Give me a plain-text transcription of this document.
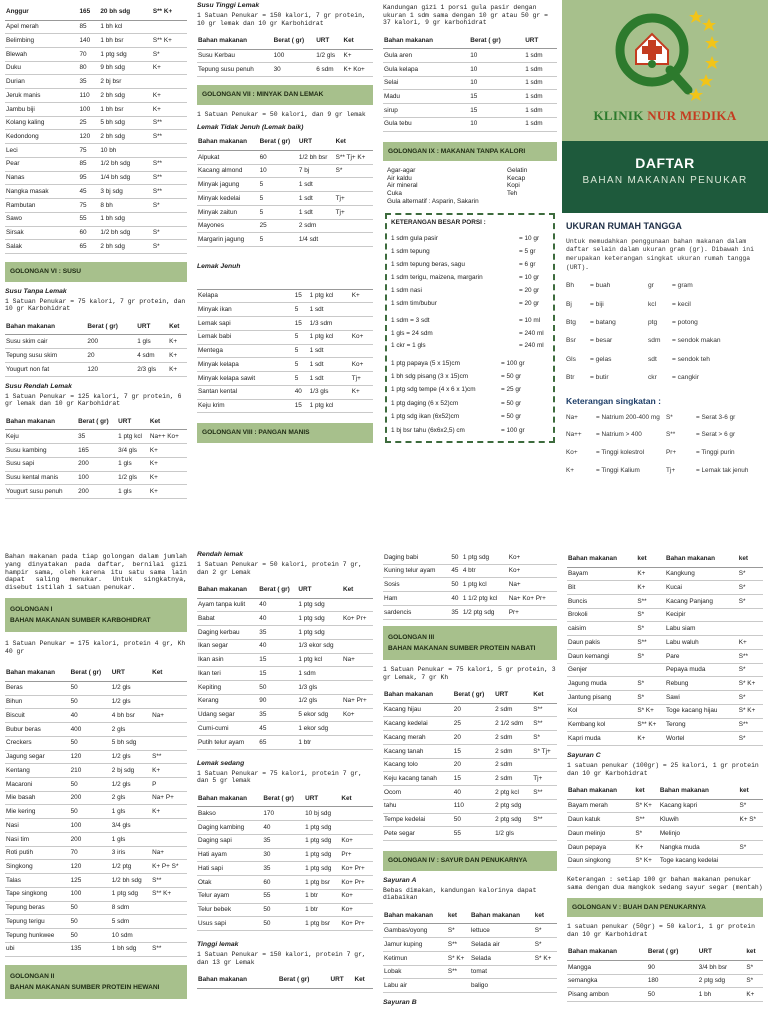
Anggur	165	20 bh sdg	S** K+
Apel merah	85	1 bh kcl	
Belimbing	140	1 bh bsr	S** K+
Blewah	70	1 ptg sdg	S*
Duku	80	9 bh sdg	K+
Durian	35	2 bj bsr	
Jeruk manis	110	2 bh sdg	K+
Jambu biji	100	1 bh bsr	K+
Kolang kaling	25	5 bh sdg	S**
Kedondong	120	2 bh sdg	S**
Leci	75	10 bh	
Pear	85	1/2 bh sdg	S**
Nanas	95	1/4 bh sdg	S**
Nangka masak	45	3 bj sdg	S**
Rambutan	75	8 bh	S*
Sawo	55	1 bh sdg	
Sirsak	60	1/2 bh sdg	S*
Salak	65	2 bh sdg	S*
GOLONGAN VI : SUSU
Susu Tanpa Lemak
1 Satuan Penukar = 75 kalori, 7 gr protein, dan 10 gr Karbohidrat
Bahan makanan	Berat ( gr)	URT	Ket
Susu skim cair	200	1 gls	K+
Tepung susu skim	20	4 sdm	K+
Yougurt non fat	120	2/3 gls	K+
Susu Rendah Lemak
1 Satuan Penukar = 125 kalori, 7 gr protein, 6 gr lemak dan 10 gr Karbohidrat
Bahan makanan	Berat ( gr)	URT	Ket
Keju	35	1 ptg kcl	Na++ Ko+
Susu kambing	165	3/4 gls	K+
Susu sapi	200	1 gls	K+
Susu kental manis	100	1/2 gls	K+
Yougurt susu penuh	200	1 gls	K+
Susu Tinggi Lemak
1 Satuan Penukar = 150 kalori, 7 gr protein, 10 gr lemak dan 10 gr Karbohidrat
Bahan makanan	Berat ( gr)	URT	Ket
Susu Kerbau	100	1/2 gls	K+
Tepung susu penuh	30	6 sdm	K+ Ko+
GOLONGAN VII : MINYAK DAN LEMAK
1 Satuan Penukar = 50 kalori, dan 9 gr lemak
Lemak Tidak Jenuh (Lemak baik)
Bahan makanan	Berat ( gr)	URT	Ket
Alpukat	60	1/2 bh bsr	S** Tj+ K+
Kacang almond	10	7 bj	S*
Minyak jagung	5	1 sdt	
Minyak kedelai	5	1 sdt	Tj+
Minyak zaitun	5	1 sdt	Tj+
Mayones	25	2 sdm	
Margarin jagung	5	1/4 sdt	
Lemak Jenuh

Kelapa	15	1 ptg kcl	K+
Minyak ikan	5	1 sdt	
Lemak sapi	15	1/3 sdm	
Lemak babi	5	1 ptg kcl	Ko+
Mentega	5	1 sdt	
Minyak kelapa	5	1 sdt	Ko+
Minyak kelapa sawit	5	1 sdt	Tj+
Santan kental	40	1/3 gls	K+
Keju krim	15	1 ptg kcl	
GOLONGAN VIII : PANGAN MANIS
Kandungan gizi 1 porsi gula pasir dengan ukuran 1 sdm sama dengan 10 gr atau 50 gr = 37 kalori, 9 gr karbohidrat
Bahan makanan	Berat ( gr)	URT
Gula aren	10	1 sdm
Gula kelapa	10	1 sdm
Selai	10	1 sdm
Madu	15	1 sdm
sirup	15	1 sdm
Gula tebu	10	1 sdm
GOLONGAN IX : MAKANAN TANPA KALORI
Agar-agar	Gelatin
Air kaldu	Kecap
Air mineral	Kopi
Cuka	Teh
Gula alternatif : Asparin, Sakarin
KETERANGAN BESAR PORSI :
1 sdm gula pasir	= 10 gr
1 sdm tepung	= 5 gr
1 sdm tepung beras, sagu	= 6 gr
1 sdm terigu, maizena, margarin	= 10 gr
1 sdm nasi	= 20 gr
1 sdm tim/bubur	= 20 gr
1 sdm = 3 sdt	= 10 ml
1 gls = 24 sdm	= 240 ml
1 ckr = 1 gls	= 240 ml
1 ptg papaya (5 x 15)cm	= 100 gr
1 bh sdg pisang (3 x 15)cm	= 50 gr
1 ptg sdg tempe (4 x 6 x 1)cm	= 25 gr
1 ptg daging (6 x 52)cm	= 50 gr
1 ptg sdg ikan (6x52)cm	= 50 gr
1 bj bsr tahu (6x6x2,5) cm	= 100 gr
KLINIK NUR MEDIKA
DAFTAR
BAHAN MAKANAN PENUKAR
UKURAN RUMAH TANGGA
Untuk memudahkan penggunaan bahan makanan dalam daftar selain dalam ukuran gram (gr). Dibawah ini merupakan keterangan singkat ukuran rumah tangga (URT).
Bh	= buah	gr	= gram
Bj	= biji	kcl	= kecil
Btg	= batang	ptg	= potong
Bsr	= besar	sdm	= sendok makan
Gls	= gelas	sdt	= sendok teh
Btr	= butir	ckr	= cangkir
Keterangan singkatan :
Na+	= Natrium 200-400 mg S*	= Serat 3-6 gr
Na++ = Natrium > 400	S**	= Serat > 6 gr
Ko+	= Tinggi kolestrol	Pr+	= Tinggi purin
K+	= Tinggi Kalium	Tj+	= Lemak tak jenuh
Bahan makanan pada tiap golongan dalam jumlah yang dinyatakan pada daftar, bernilai gizi hampir sama, oleh karena itu satu sama lain dapat saling menukar. Untuk singkatnya, disebut istilah 1 satuan penukar.
GOLONGAN I
BAHAN MAKANAN SUMBER KARBOHIDRAT
1 Satuan Penukar = 175 kalori, protein 4 gr, Kh 40 gr
Bahan makanan	Berat ( gr)	URT	Ket
Beras	50	1/2 gls	
Bihun	50	1/2 gls	
Biscuit	40	4 bh bsr	Na+
Bubur beras	400	2 gls	
Creckers	50	5 bh sdg	
Jagung segar	120	1/2 gls	S**
Kentang	210	2 bj sdg	K+
Macaroni	50	1/2 gls	P
Mie basah	200	2 gls	Na+ P+
Mie kering	50	1 gls	K+
Nasi	100	3/4 gls	
Nasi tim	200	1 gls	
Roti putih	70	3 iris	Na+
Singkong	120	1/2 ptg	K+ P+ S*
Talas	125	1/2 bh sdg	S**
Tape singkong	100	1 ptg sdg	S** K+
Tepung beras	50	8 sdm	
Tepung terigu	50	5 sdm	
Tepung hunkwee	50	10 sdm	
ubi	135	1 bh sdg	S**
GOLONGAN II
BAHAN MAKANAN SUMBER PROTEIN HEWANI
Rendah lemak
1 Satuan Penukar = 50 kalori, protein 7 gr, dan 2 gr Lemak
Bahan makanan	Berat ( gr)	URT	Ket
Ayam tanpa kulit	40	1 ptg sdg	
Babat	40	1 ptg sdg	Ko+ Pr+
Daging kerbau	35	1 ptg sdg	
Ikan segar	40	1/3 ekor sdg	
Ikan asin	15	1 ptg kcl	Na+
Ikan teri	15	1 sdm	
Kepiting	50	1/3 gls	
Kerang	90	1/2 gls	Na+ Pr+
Udang segar	35	5 ekor sdg	Ko+
Cumi-cumi	45	1 ekor sdg	
Putih telur ayam	65	1 btr	
Lemak sedang
1 Satuan Penukar = 75 kalori, protein 7 gr, dan 5 gr lemak
Bahan makanan	Berat ( gr)	URT	Ket
Bakso	170	10 bj sdg	
Daging kambing	40	1 ptg sdg	
Daging sapi	35	1 ptg sdg	Ko+
Hati ayam	30	1 ptg sdg	Pr+
Hati sapi	35	1 ptg sdg	Ko+ Pr+
Otak	60	1 ptg bsr	Ko+ Pr+
Telur ayam	55	1 btr	Ko+
Telur bebek	50	1 btr	Ko+
Usus sapi	50	1 ptg bsr	Ko+ Pr+
Tinggi lemak
1 Satuan Penukar = 150 kalori, protein 7 gr, dan 13 gr Lemak
Bahan makanan	Berat ( gr)	URT	Ket
Daging babi	50	1 ptg sdg	Ko+
Kuning telur ayam	45	4 btr	Ko+
Sosis	50	1 ptg kcl	Na+
Ham	40	1 1/2 ptg kcl	Na+ Ko+ Pr+
sardencis	35	1/2 ptg sdg	Pr+
GOLONGAN III
BAHAN MAKANAN SUMBER PROTEIN NABATI
1 Satuan Penukar = 75 kalori, 5 gr protein, 3 gr Lemak, 7 gr Kh
Bahan makanan	Berat ( gr)	URT	Ket
Kacang hijau	20	2 sdm	S**
Kacang kedelai	25	2 1/2 sdm	S**
Kacang merah	20	2 sdm	S*
Kacang tanah	15	2 sdm	S* Tj+
Kacang tolo	20	2 sdm	
Keju kacang tanah	15	2 sdm	Tj+
Ocom	40	2 ptg kcl	S**
tahu	110	2 ptg sdg	
Tempe kedelai	50	2 ptg sdg	S**
Pete segar	55	1/2 gls	
GOLONGAN IV : SAYUR DAN PENUKARNYA
Sayuran A
Bebas dimakan, kandungan kalorinya dapat diabaikan
Bahan makanan	ket	Bahan makanan	ket
Gambas/oyong	S*	lettuce	S*
Jamur kuping	S**	Selada air	S*
Ketimun	S* K+	Selada	S* K+
Lobak	S**	tomat	
Labu air		baligo	
Sayuran B
Bahan makanan	ket	Bahan makanan	ket
Bayam	K+	Kangkung	S*
Bit	K+	Kucai	S*
Buncis	S**	Kacang Panjang	S*
Brokoli	S*	Kecipir	
caisim	S*	Labu siam	
Daun pakis	S**	Labu waluh	K+
Daun kemangi	S*	Pare	S**
Genjer		Pepaya muda	S*
Jagung muda	S*	Rebung	S* K+
Jantung pisang	S*	Sawi	S*
Kol	S* K+	Toge kacang hijau	S* K+
Kembang kol	S** K+	Terong	S**
Kapri muda	K+	Wortel	S*
Sayuran C
1 satuan penukar (100gr) = 25 kalori, 1 gr protein dan 10 gr Karbohidrat
Bahan makanan	ket	Bahan makanan	ket
Bayam merah	S* K+	Kacang kapri	S*
Daun katuk	S**	Kluwih	K+ S*
Daun melinjo	S*	Melinjo	
Daun pepaya	K+	Nangka muda	S*
Daun singkong	S* K+	Toge kacang kedelai	
Keterangan : setiap 100 gr bahan makanan penukar sama dengan dua mangkok sedang sayur segar (mentah)
GOLONGAN V : BUAH DAN PENUKARNYA
1 satuan penukar (50gr) = 50 kalori, 1 gr protein dan 10 gr Karbohidrat
Bahan makanan	Berat ( gr)	URT	ket
Mangga	90	3/4 bh bsr	S*
semangka	180	2 ptg sdg	S*
Pisang ambon	50	1 bh	K+
